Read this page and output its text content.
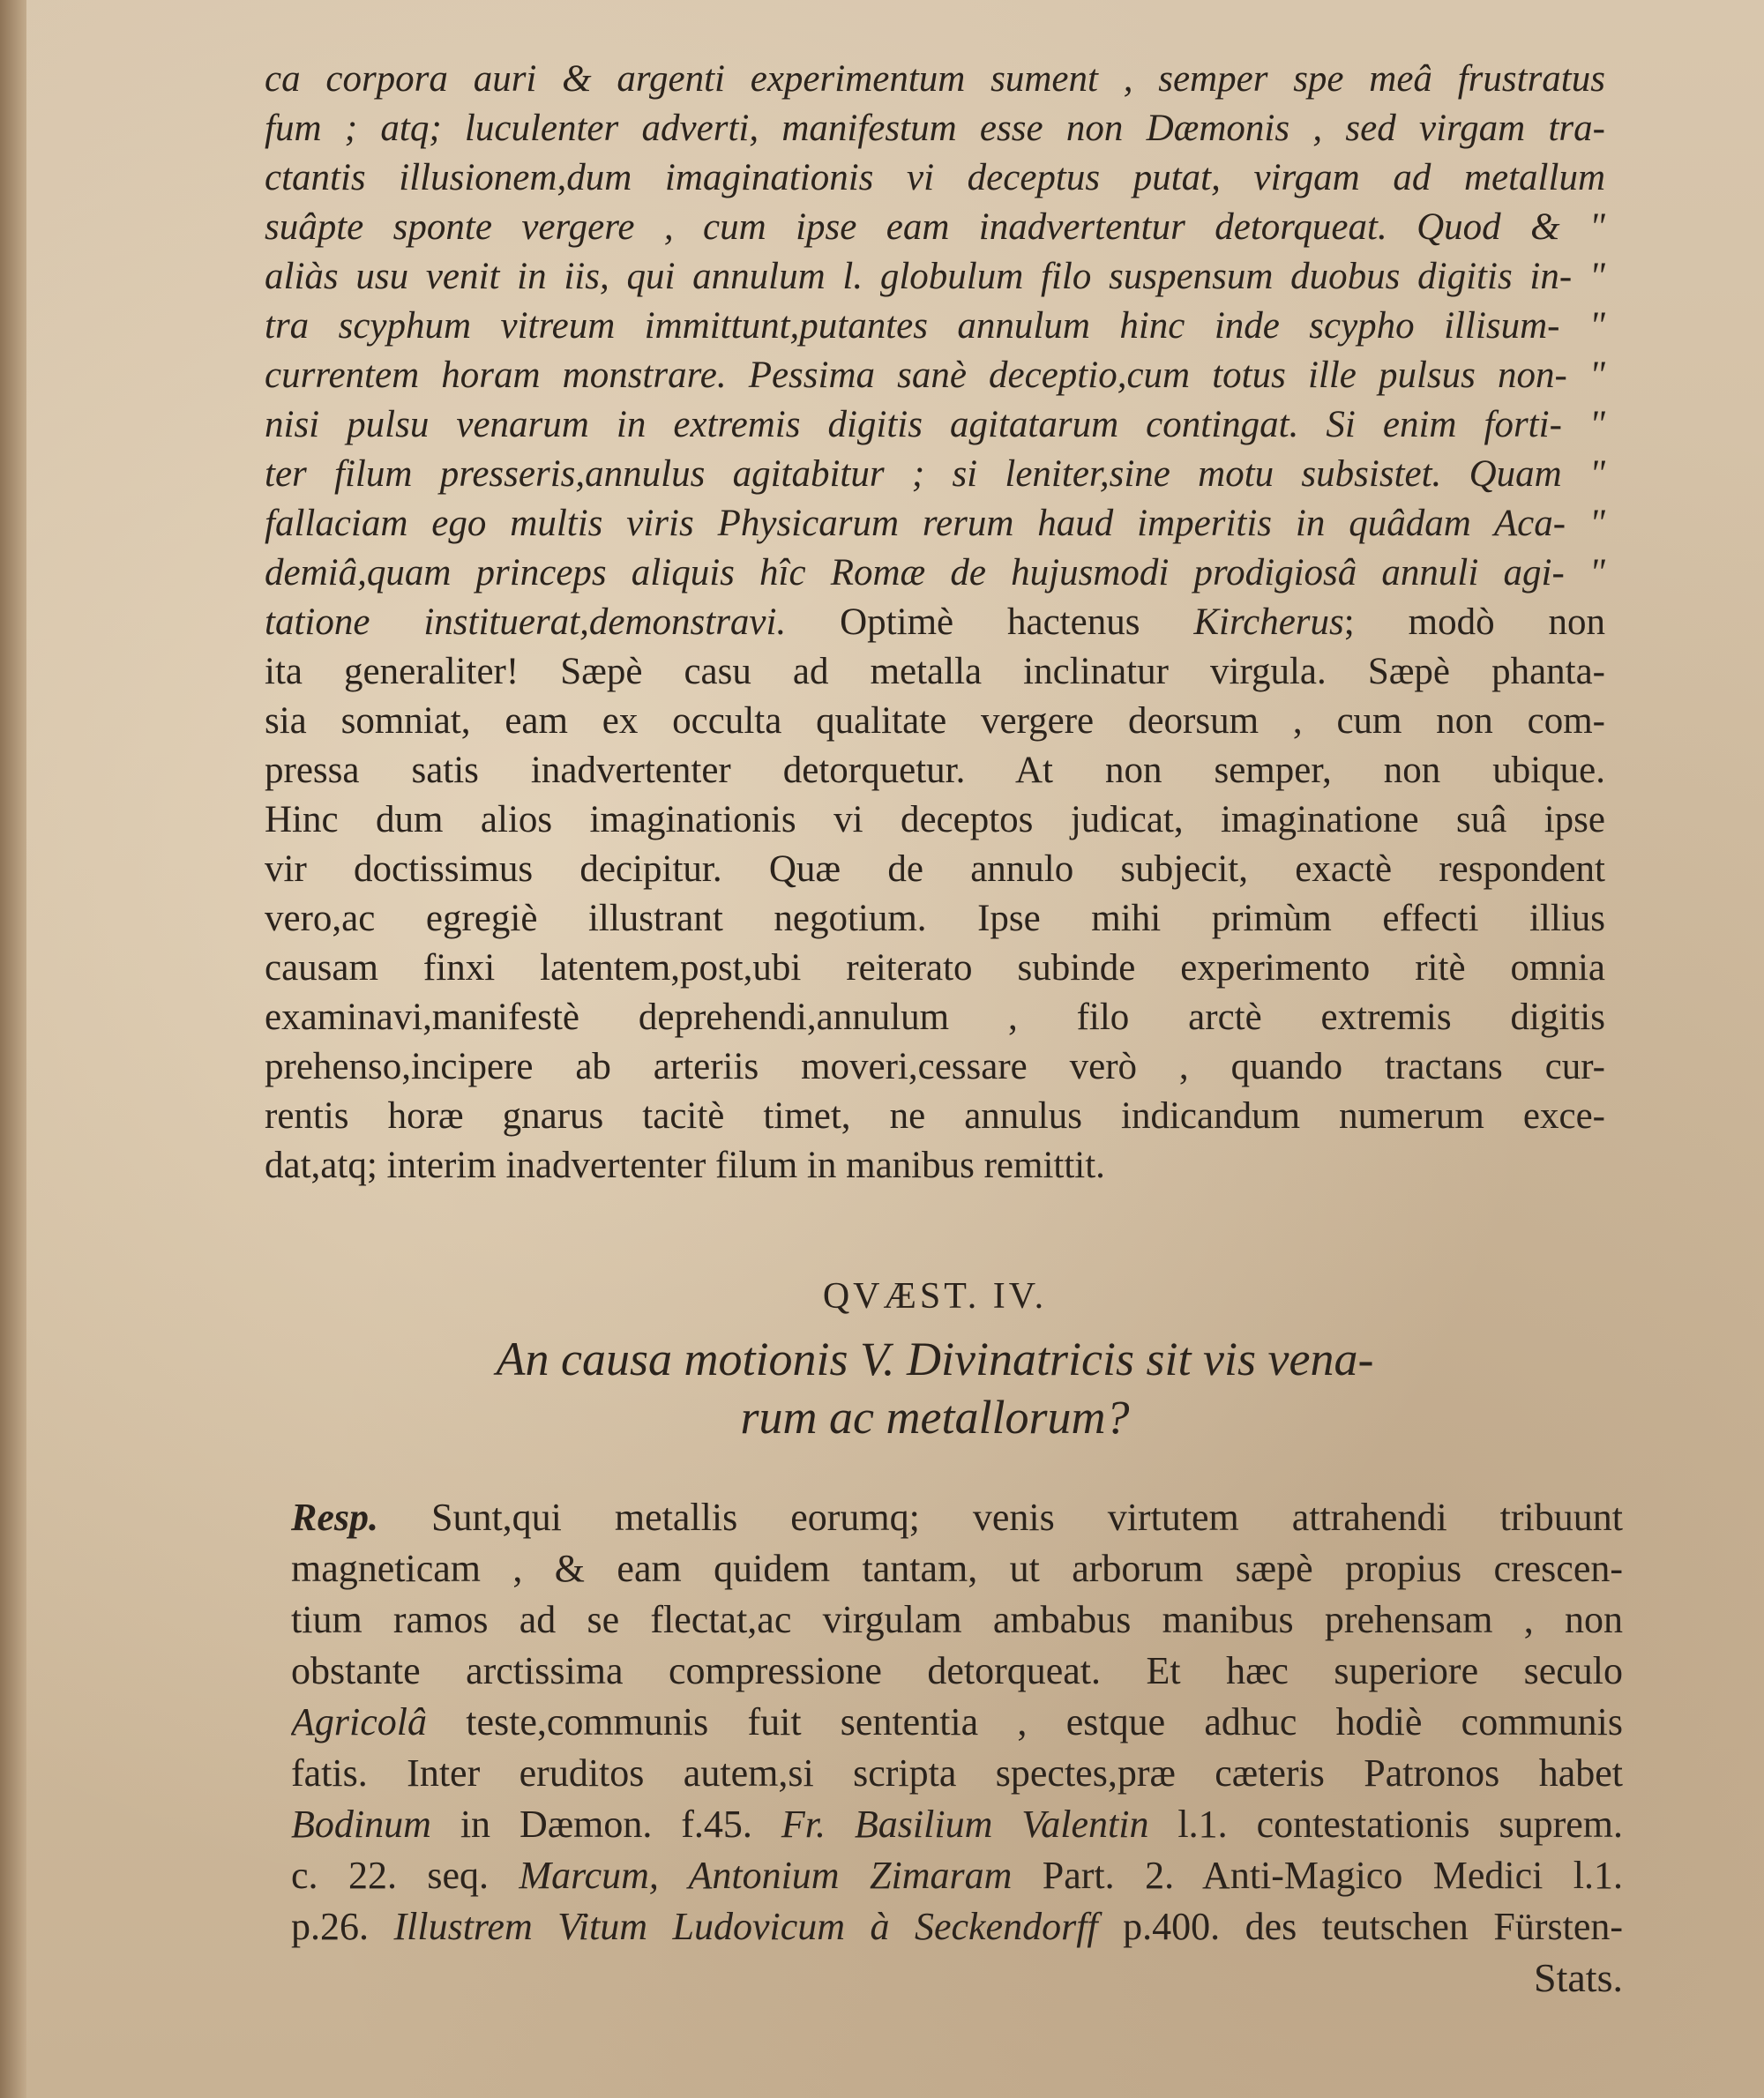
ca corpora auri & argenti experimentum sument , semper spe meâ frustratus
fum ; atq; luculenter adverti, manifestum esse non Dæmonis , sed virgam tra-
ctantis illusionem,dum imaginationis vi deceptus putat, virgam ad metallum
suâpte sponte vergere , cum ipse eam inadvertentur detorqueat. Quod & "
aliàs usu venit in iis, qui annulum l. globulum filo suspensum duobus digitis in- "
tra scyphum vitreum immittunt,putantes annulum hinc inde scypho illisum- "
currentem horam monstrare. Pessima sanè deceptio,cum totus ille pulsus non- "
nisi pulsu venarum in extremis digitis agitatarum contingat. Si enim forti- "
ter filum presseris,annulus agitabitur ; si leniter,sine motu subsistet. Quam "
fallaciam ego multis viris Physicarum rerum haud imperitis in quâdam Aca- "
demiâ,quam princeps aliquis hîc Romæ de hujusmodi prodigiosâ annuli agi- "
tatione instituerat,demonstravi. Optimè hactenus Kircherus; modò non
ita generaliter! Sæpè casu ad metalla inclinatur virgula. Sæpè phanta-
sia somniat, eam ex occulta qualitate vergere deorsum , cum non com-
pressa satis inadvertenter detorquetur. At non semper, non ubique.
Hinc dum alios imaginationis vi deceptos judicat, imaginatione suâ ipse
vir doctissimus decipitur. Quæ de annulo subjecit, exactè respondent
vero,ac egregiè illustrant negotium. Ipse mihi primùm effecti illius
causam finxi latentem,post,ubi reiterato subinde experimento ritè omnia
examinavi,manifestè deprehendi,annulum , filo arctè extremis digitis
prehenso,incipere ab arteriis moveri,cessare verò , quando tractans cur-
rentis horæ gnarus tacitè timet, ne annulus indicandum numerum exce-
dat,atq; interim inadvertenter filum in manibus remittit.
QVÆST. IV.
An causa motionis V. Divinatricis sit vis vena-
rum ac metallorum?
Resp. Sunt,qui metallis eorumq; venis virtutem attrahendi tribuunt
magneticam , & eam quidem tantam, ut arborum sæpè propius crescen-
tium ramos ad se flectat,ac virgulam ambabus manibus prehensam , non
obstante arctissima compressione detorqueat. Et hæc superiore seculo
Agricolâ teste,communis fuit sententia , estque adhuc hodiè communis
fatis. Inter eruditos autem,si scripta spectes,præ cæteris Patronos habet
Bodinum in Dæmon. f.45. Fr. Basilium Valentin l.1. contestationis suprem.
c. 22. seq. Marcum, Antonium Zimaram Part. 2. Anti-Magico Medici l.1.
p.26. Illustrem Vitum Ludovicum à Seckendorff p.400. des teutschen Fürsten-
Stats.
